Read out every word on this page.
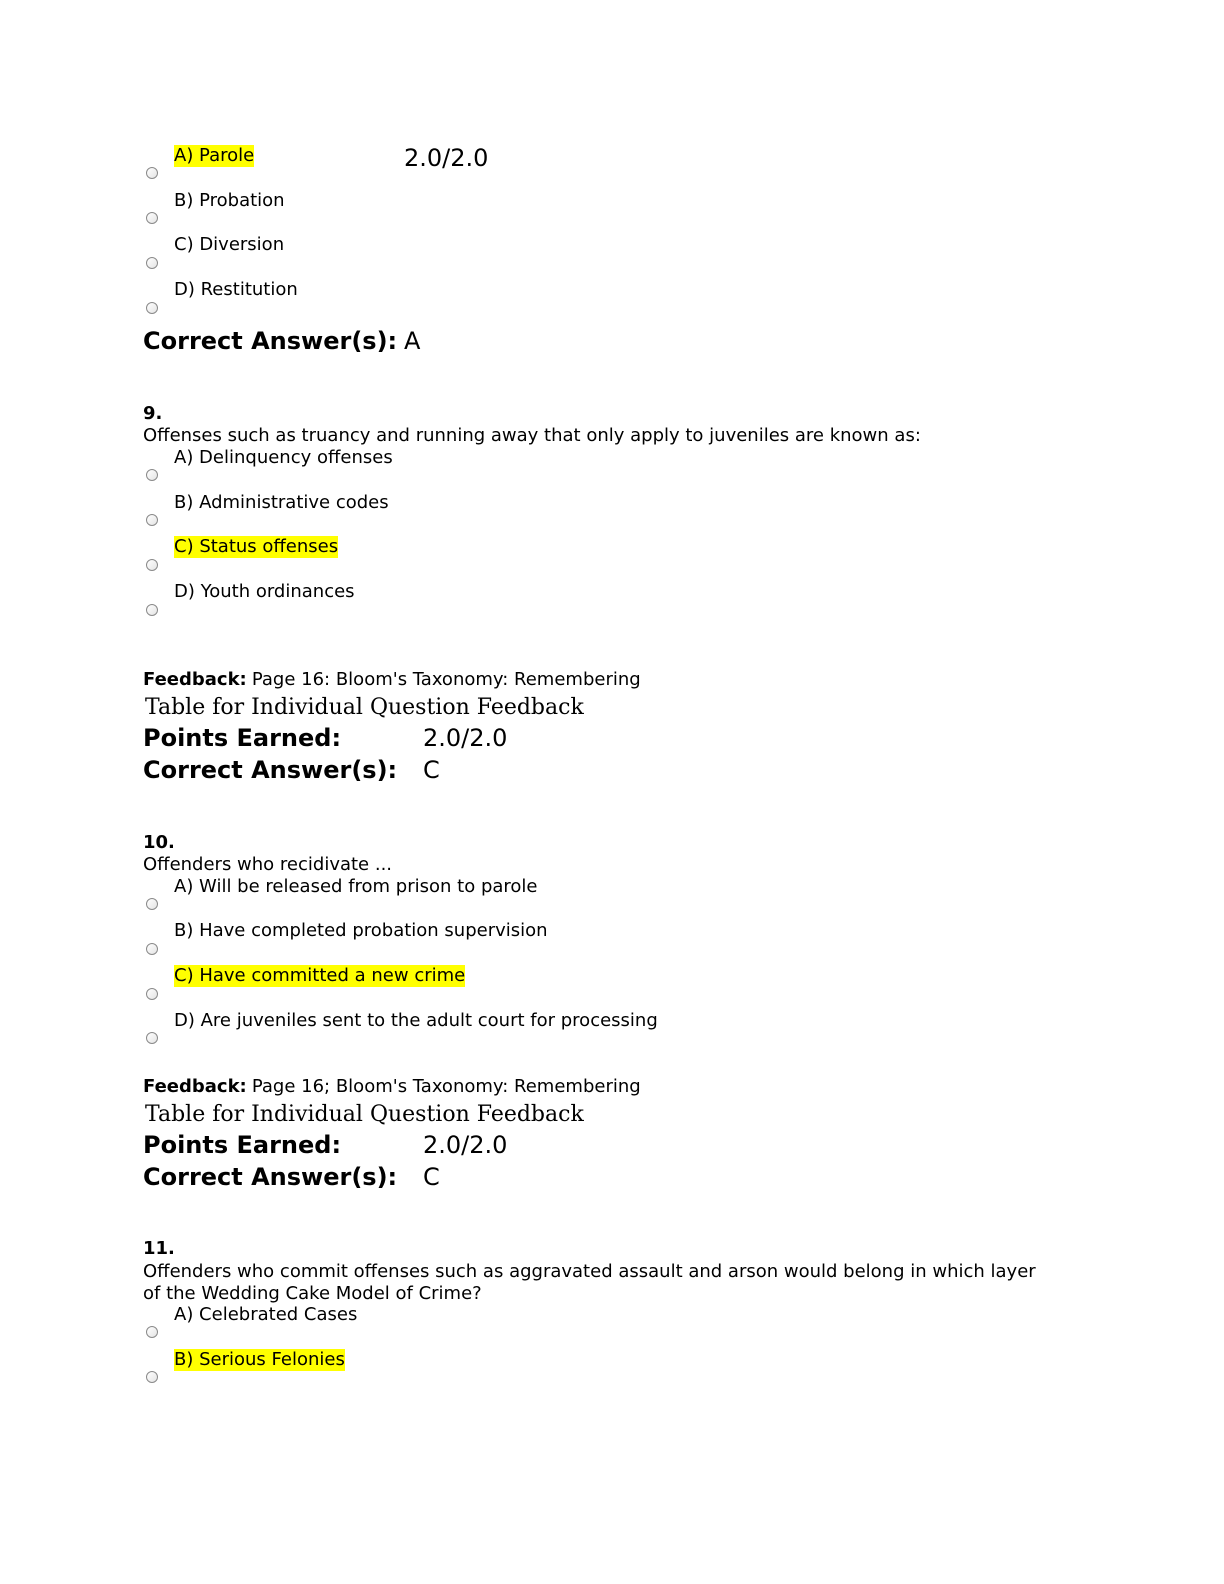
A) Parole	2.0/2.0
B) Probation
C) Diversion
D) Restitution
Correct Answer(s): A
9.
Offenses such as truancy and running away that only apply to juveniles are known as:
A) Delinquency offenses
B) Administrative codes
C) Status offenses
D) Youth ordinances
Feedback: Page 16: Bloom's Taxonomy: Remembering
Table for Individual Question Feedback
Points Earned:	2.0/2.0
Correct Answer(s): C
10.
Offenders who recidivate ...
A) Will be released from prison to parole
B) Have completed probation supervision
C) Have committed a new crime
D) Are juveniles sent to the adult court for processing
Feedback: Page 16; Bloom's Taxonomy: Remembering
Table for Individual Question Feedback
Points Earned:	2.0/2.0
Correct Answer(s): C
11.
Offenders who commit offenses such as aggravated assault and arson would belong in which layer of the Wedding Cake Model of Crime?
A) Celebrated Cases
B) Serious Felonies
